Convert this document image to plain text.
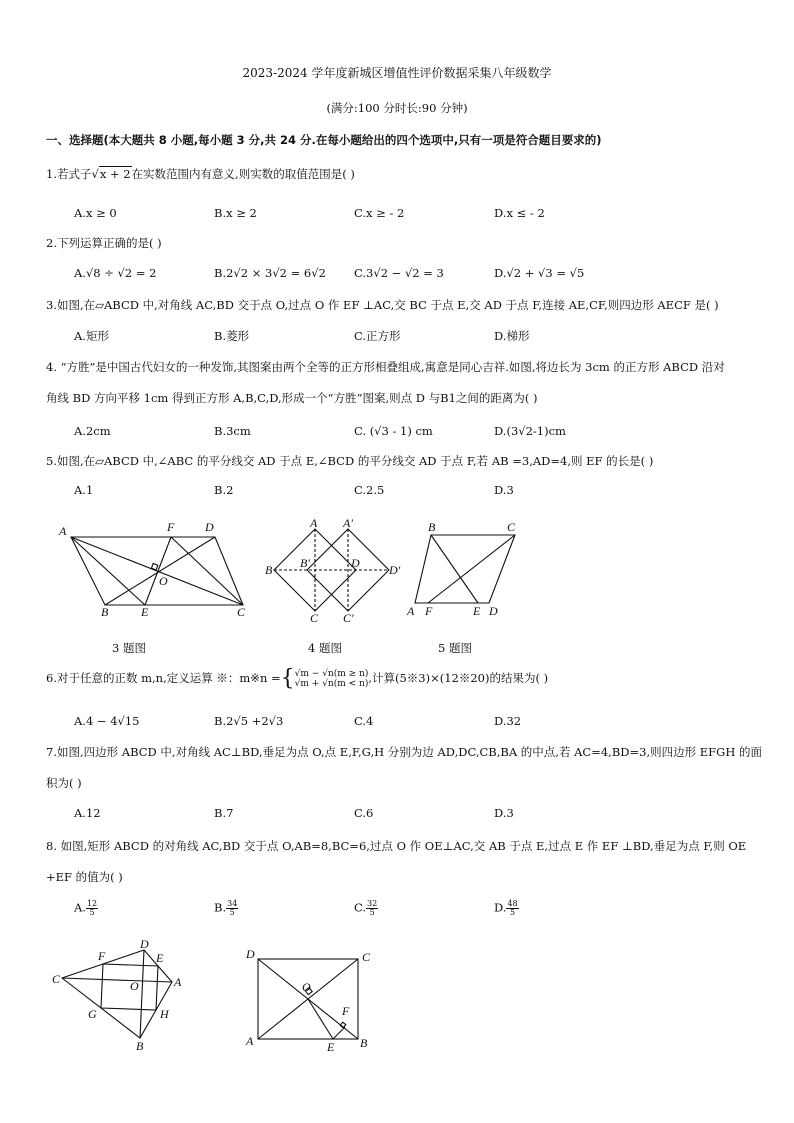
2023-2024 学年度新城区增值性评价数据采集八年级数学
(满分:100 分时长:90 分钟)
一、选择题(本大题共 8 小题,每小题 3 分,共 24 分.在每小题给出的四个选项中,只有一项是符合题目要求的)
1.若式子√x + 2在实数范围内有意义,则实数的取值范围是( )
A.x ≥ 0	B.x ≥ 2	C.x ≥ - 2	D.x ≤ - 2
2.下列运算正确的是( )
A.√8 ÷ √2 = 2	B.2√2 × 3√2 = 6√2 C.3√2 − √2 = 3	D.√2 + √3 = √5
3.如图,在▱ABCD 中,对角线 AC,BD 交于点 O,过点 O 作 EF ⊥AC,交 BC 于点 E,交 AD 于点 F,连接 AE,CF,则四边形 AECF 是( )
A.矩形	B.菱形	C.正方形	D.梯形
4. “方胜”是中国古代妇女的一种发饰,其图案由两个全等的正方形相叠组成,寓意是同心吉祥.如图,将边长为 3cm 的正方形 ABCD 沿对
角线 BD 方向平移 1cm 得到正方形 A,B,C,D,形成一个“方胜”图案,则点 D 与B1之间的距离为( )
A.2cm	B.3cm	C. (√3 - 1) cm	D.(3√2-1)cm
5.如图,在▱ABCD 中,∠ABC 的平分线交 AD 于点 E,∠BCD 的平分线交 AD 于点 F,若 AB =3,AD=4,则 EF 的长是( )
A.1	B.2	C.2.5	D.3
A	F	D
O
B	E	C
A A′
B B′	D D′
C C′
B	C
A F	E D
3 题图	4 题图	5 题图
6.对于任意的正数 m,n,定义运算 ※：m※n ={ √m − √n(m ≥ n)
√m + √n(m < n) ,计算(5※3)×(12※20)的结果为( )
A.4 − 4√15	B.2√5 +2√3	C.4	D.32
7.如图,四边形 ABCD 中,对角线 AC⊥BD,垂足为点 O,点 E,F,G,H 分别为边 AD,DC,CB,BA 的中点,若 AC=4,BD=3,则四边形 EFGH 的面
积为( )
A.12	B.7	C.6	D.3
8. 如图,矩形 ABCD 的对角线 AC,BD 交于点 O,AB=8,BC=6,过点 O 作 OE⊥AC,交 AB 于点 E,过点 E 作 EF ⊥BD,垂足为点 F,则 OE
+EF 的值为( )
A. $\frac{12}{5}$	B. $\frac{34}{5}$	C. $\frac{32}{5}$	D. $\frac{48}{5}$
C
F
D
E
O	A
G	H
B
D	C
O
F
A	E B
